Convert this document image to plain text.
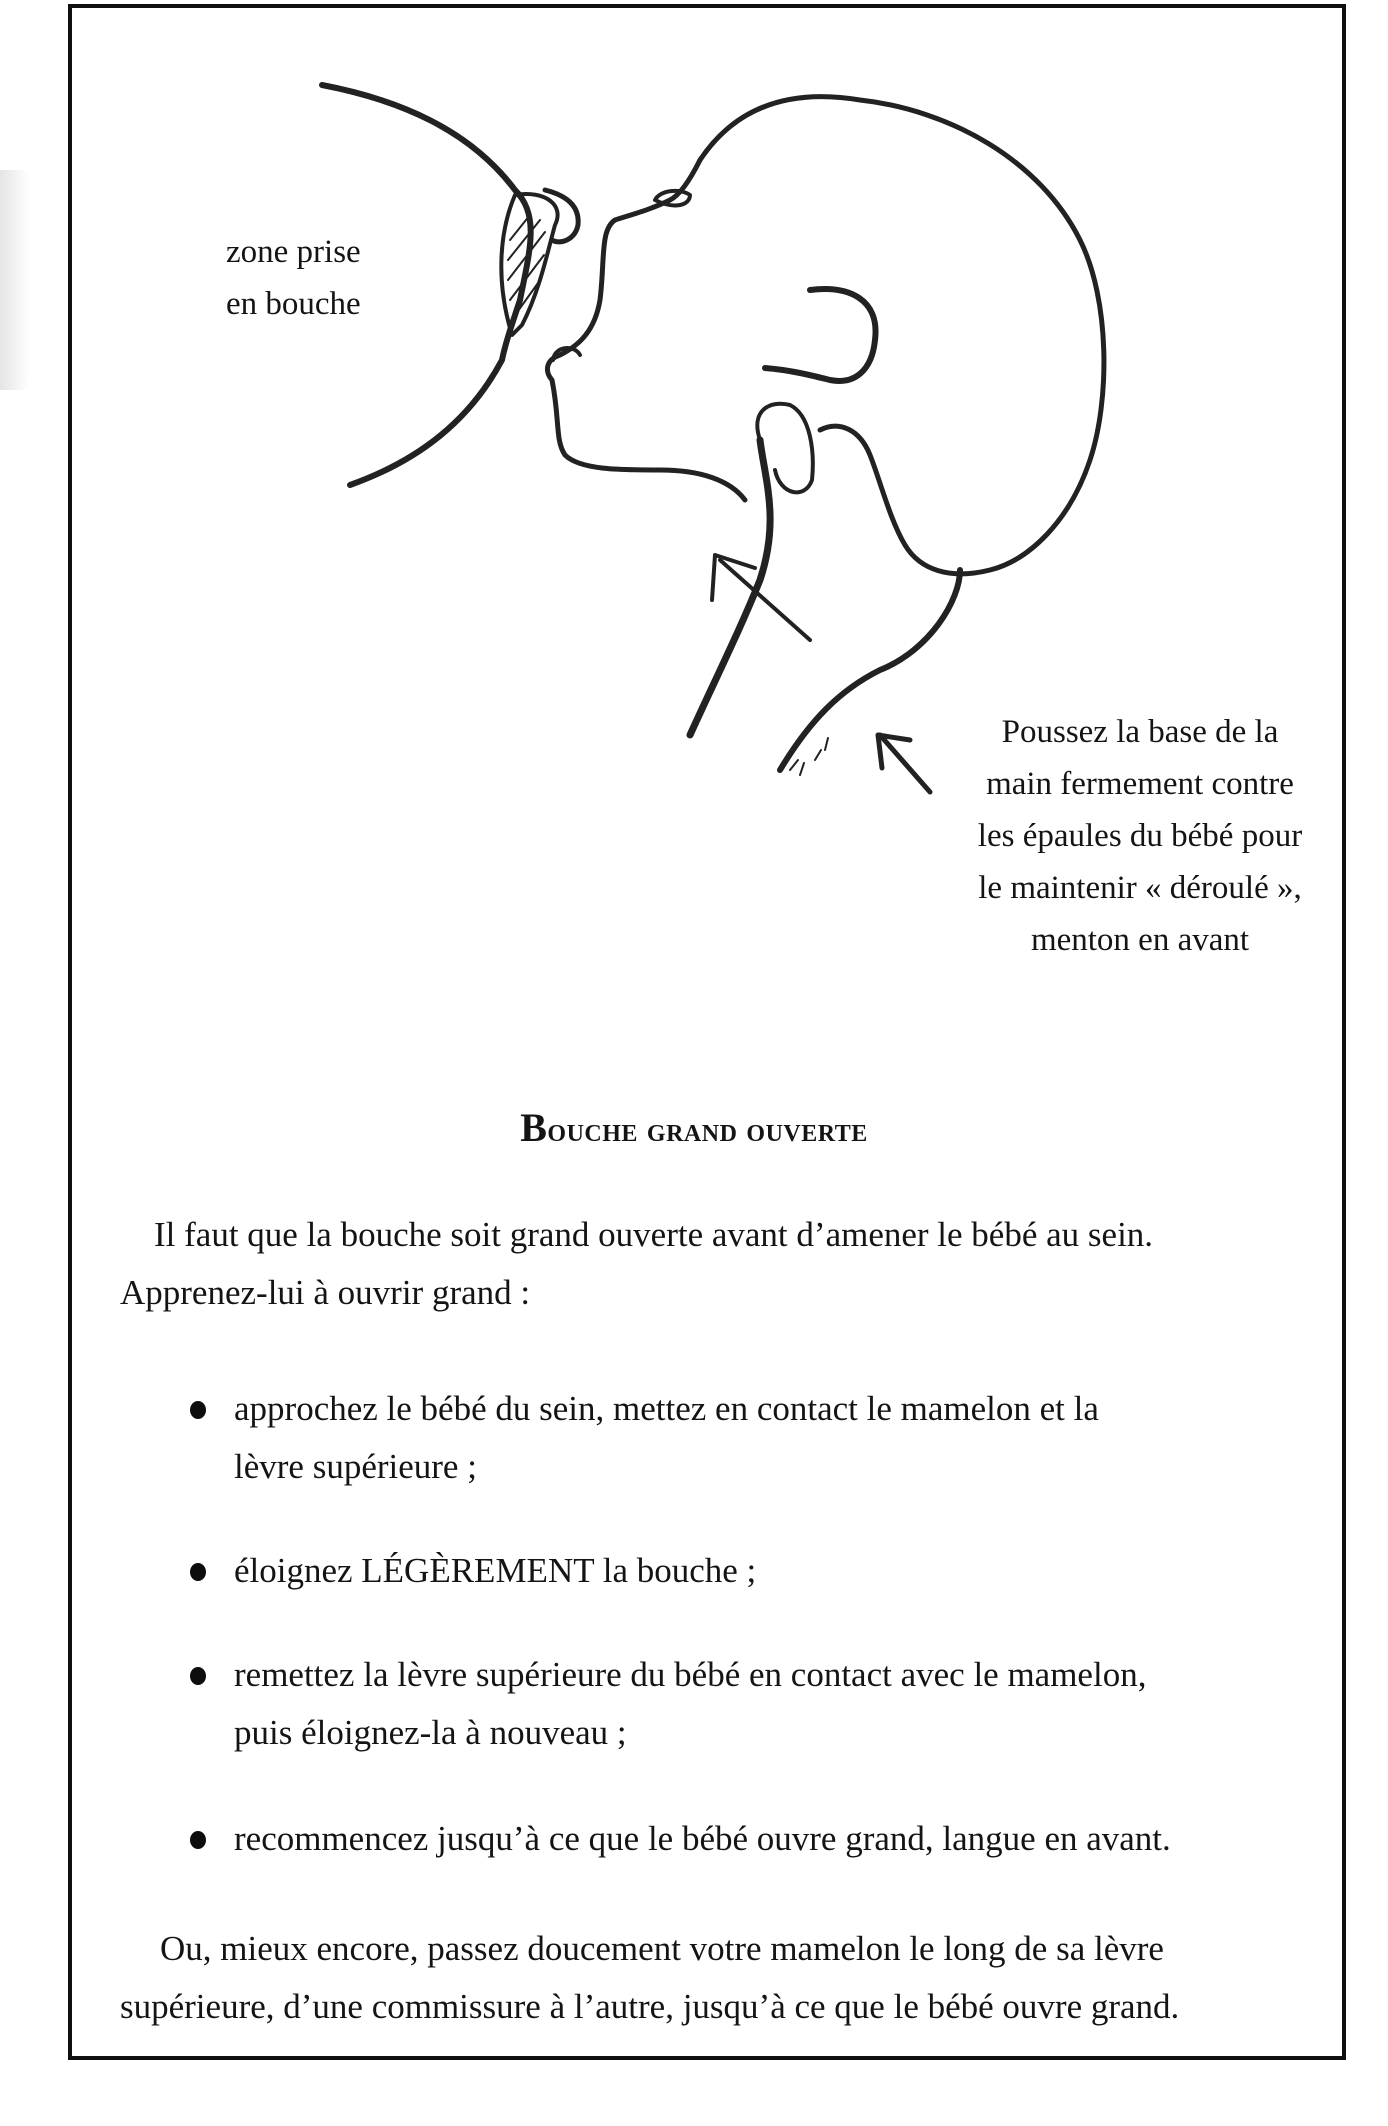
zone prise
en bouche
Poussez la base de la
main fermement contre
les épaules du bébé pour
le maintenir « déroulé »,
menton en avant
Bouche grand ouverte
Il faut que la bouche soit grand ouverte avant d’amener le bébé au sein.
Apprenez-lui à ouvrir grand :
approchez le bébé du sein, mettez en contact le mamelon et la
lèvre supérieure ;
éloignez LÉGÈREMENT la bouche ;
remettez la lèvre supérieure du bébé en contact avec le mamelon,
puis éloignez-la à nouveau ;
recommencez jusqu’à ce que le bébé ouvre grand, langue en avant.
Ou, mieux encore, passez doucement votre mamelon le long de sa lèvre
supérieure, d’une commissure à l’autre, jusqu’à ce que le bébé ouvre grand.
